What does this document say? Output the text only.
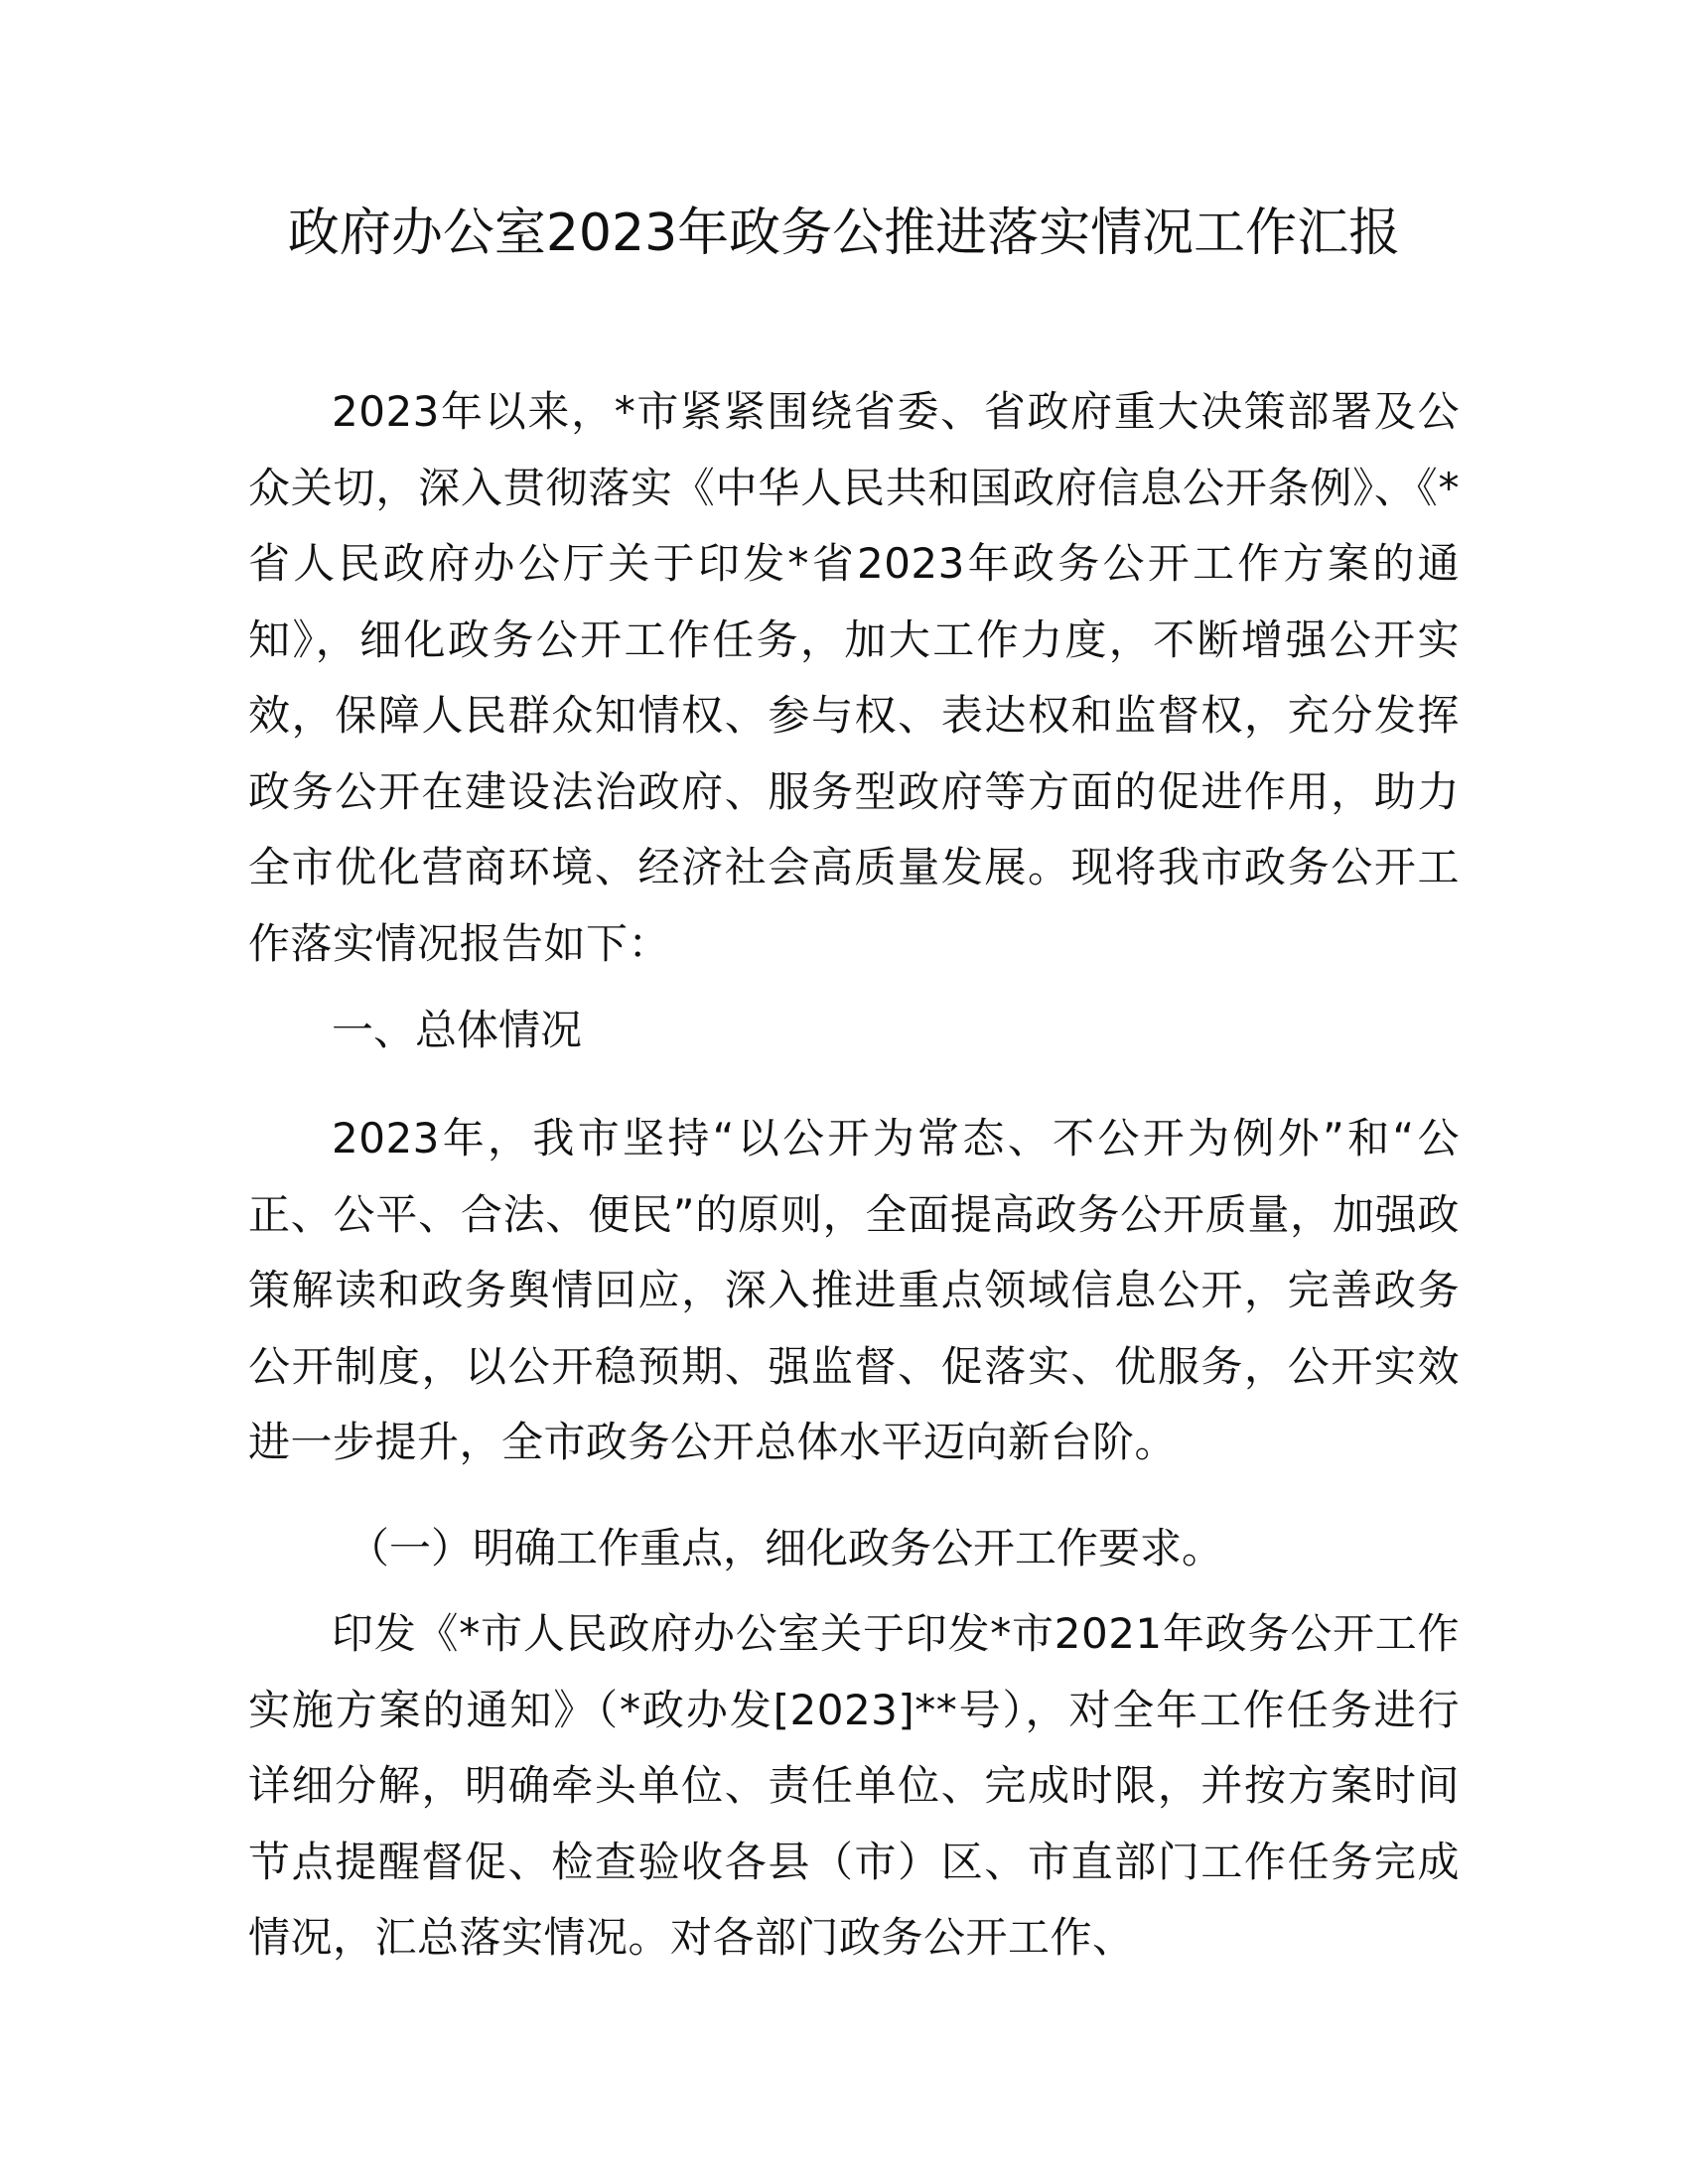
政府办公室2023年政务公推进落实情况工作汇报

2023年以来，*市紧紧围绕省委、省政府重大决策部署及公众关切，深入贯彻落实《中华人民共和国政府信息公开条例》、《*省人民政府办公厅关于印发*省2023年政务公开工作方案的通知》，细化政务公开工作任务，加大工作力度，不断增强公开实效，保障人民群众知情权、参与权、表达权和监督权，充分发挥政务公开在建设法治政府、服务型政府等方面的促进作用，助力全市优化营商环境、经济社会高质量发展。现将我市政务公开工作落实情况报告如下：

一、总体情况

2023年，我市坚持“以公开为常态、不公开为例外”和“公正、公平、合法、便民”的原则，全面提高政务公开质量，加强政策解读和政务舆情回应，深入推进重点领域信息公开，完善政务公开制度，以公开稳预期、强监督、促落实、优服务，公开实效进一步提升，全市政务公开总体水平迈向新台阶。

（一）明确工作重点，细化政务公开工作要求。

印发《*市人民政府办公室关于印发*市2021年政务公开工作实施方案的通知》（*政办发[2023]**号），对全年工作任务进行详细分解，明确牵头单位、责任单位、完成时限，并按方案时间节点提醒督促、检查验收各县（市）区、市直部门工作任务完成情况，汇总落实情况。对各部门政务公开工作、
